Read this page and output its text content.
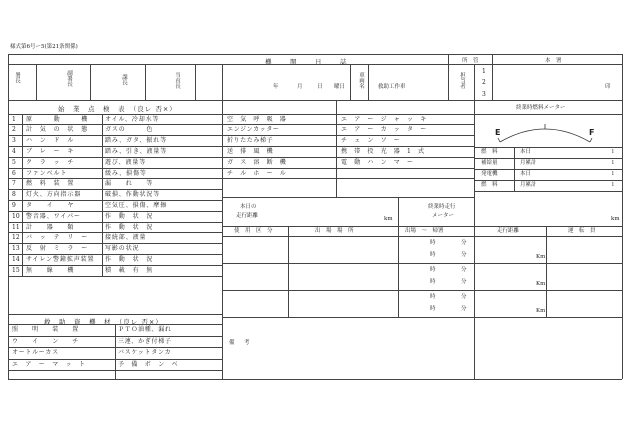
様式第6号ー5(第21条関係)
機　関　日　誌
署長	副署長	課長	当直長	年	月	日 曜日 車両名	救助工作車	担当者
1
2
3
所　管	本　署
印
始　業　点　検　表　（良レ 否×）	終業時燃料メーター
E	F
本日の
走行距離	km
終業時走行
メーター	km
救　助　資　機　材　（良レ 否×）
備　考
1 原　　　動　　　機	オイル、冷却水等
2 計　気　の　状　態	ガスの　　　色
3 ハ　ン　ド　ル	踏み、ガタ、振れ等
4 ブ　レ　ー　キ	踏み、引き、液量等
5 ク　ラ　ッ　チ	遊び、液量等
6 ファンベルト	緩み、損傷等
7 燃　料　装　置	漏　　れ　　等
8 灯火、方向指示器	破損、作動状況等
9 タ　　イ　　ヤ	空気圧、損傷、摩擦
10 警音器、ワイパー	作　動　状　況
11 計　　器　　類	作　動　状　況
12 バ　ッ　テ　リ　ー	接続部、液量
13 反　射　ミ　ラ　ー	写影の状況
14 サイレン警鐘拡声装置 作　動　状　況
15 無　　線　　機	積　載　有　無
空　気　呼　吸　器	エ　ア　ー　ジ　ャ　ッ　キ
エンジンカッター	エ　ア　ー　カ　ッ　タ　ー
折りたたみ梯子	チ　ェ　ン　ソ　ー
送　排　風　機	携　帯　投　光　器　1　式
ガ　ス　溶　断　機	電　動　ハ　ン　マ　ー
チ　ル　ホ　ー　ル
燃　料	本日	l
補給量	月累計	l
発電機	本日	l
燃　料	月累計	l
使　用　区　分	出　場　場　所	出場　～　帰署	走行距離	運　転　員
時	分
時	分	Km
時	分
時	分	Km
時	分
時	分	Km
照　　明　　装　　置	ＰＴＯ油種、漏れ
ウ　　イ　　ン　　チ	三連、かぎ付梯子
オートルーカス	バスケットタンカ
エ　ア　ー　マ　ッ　ト	予　備　ボ　ン　ベ
